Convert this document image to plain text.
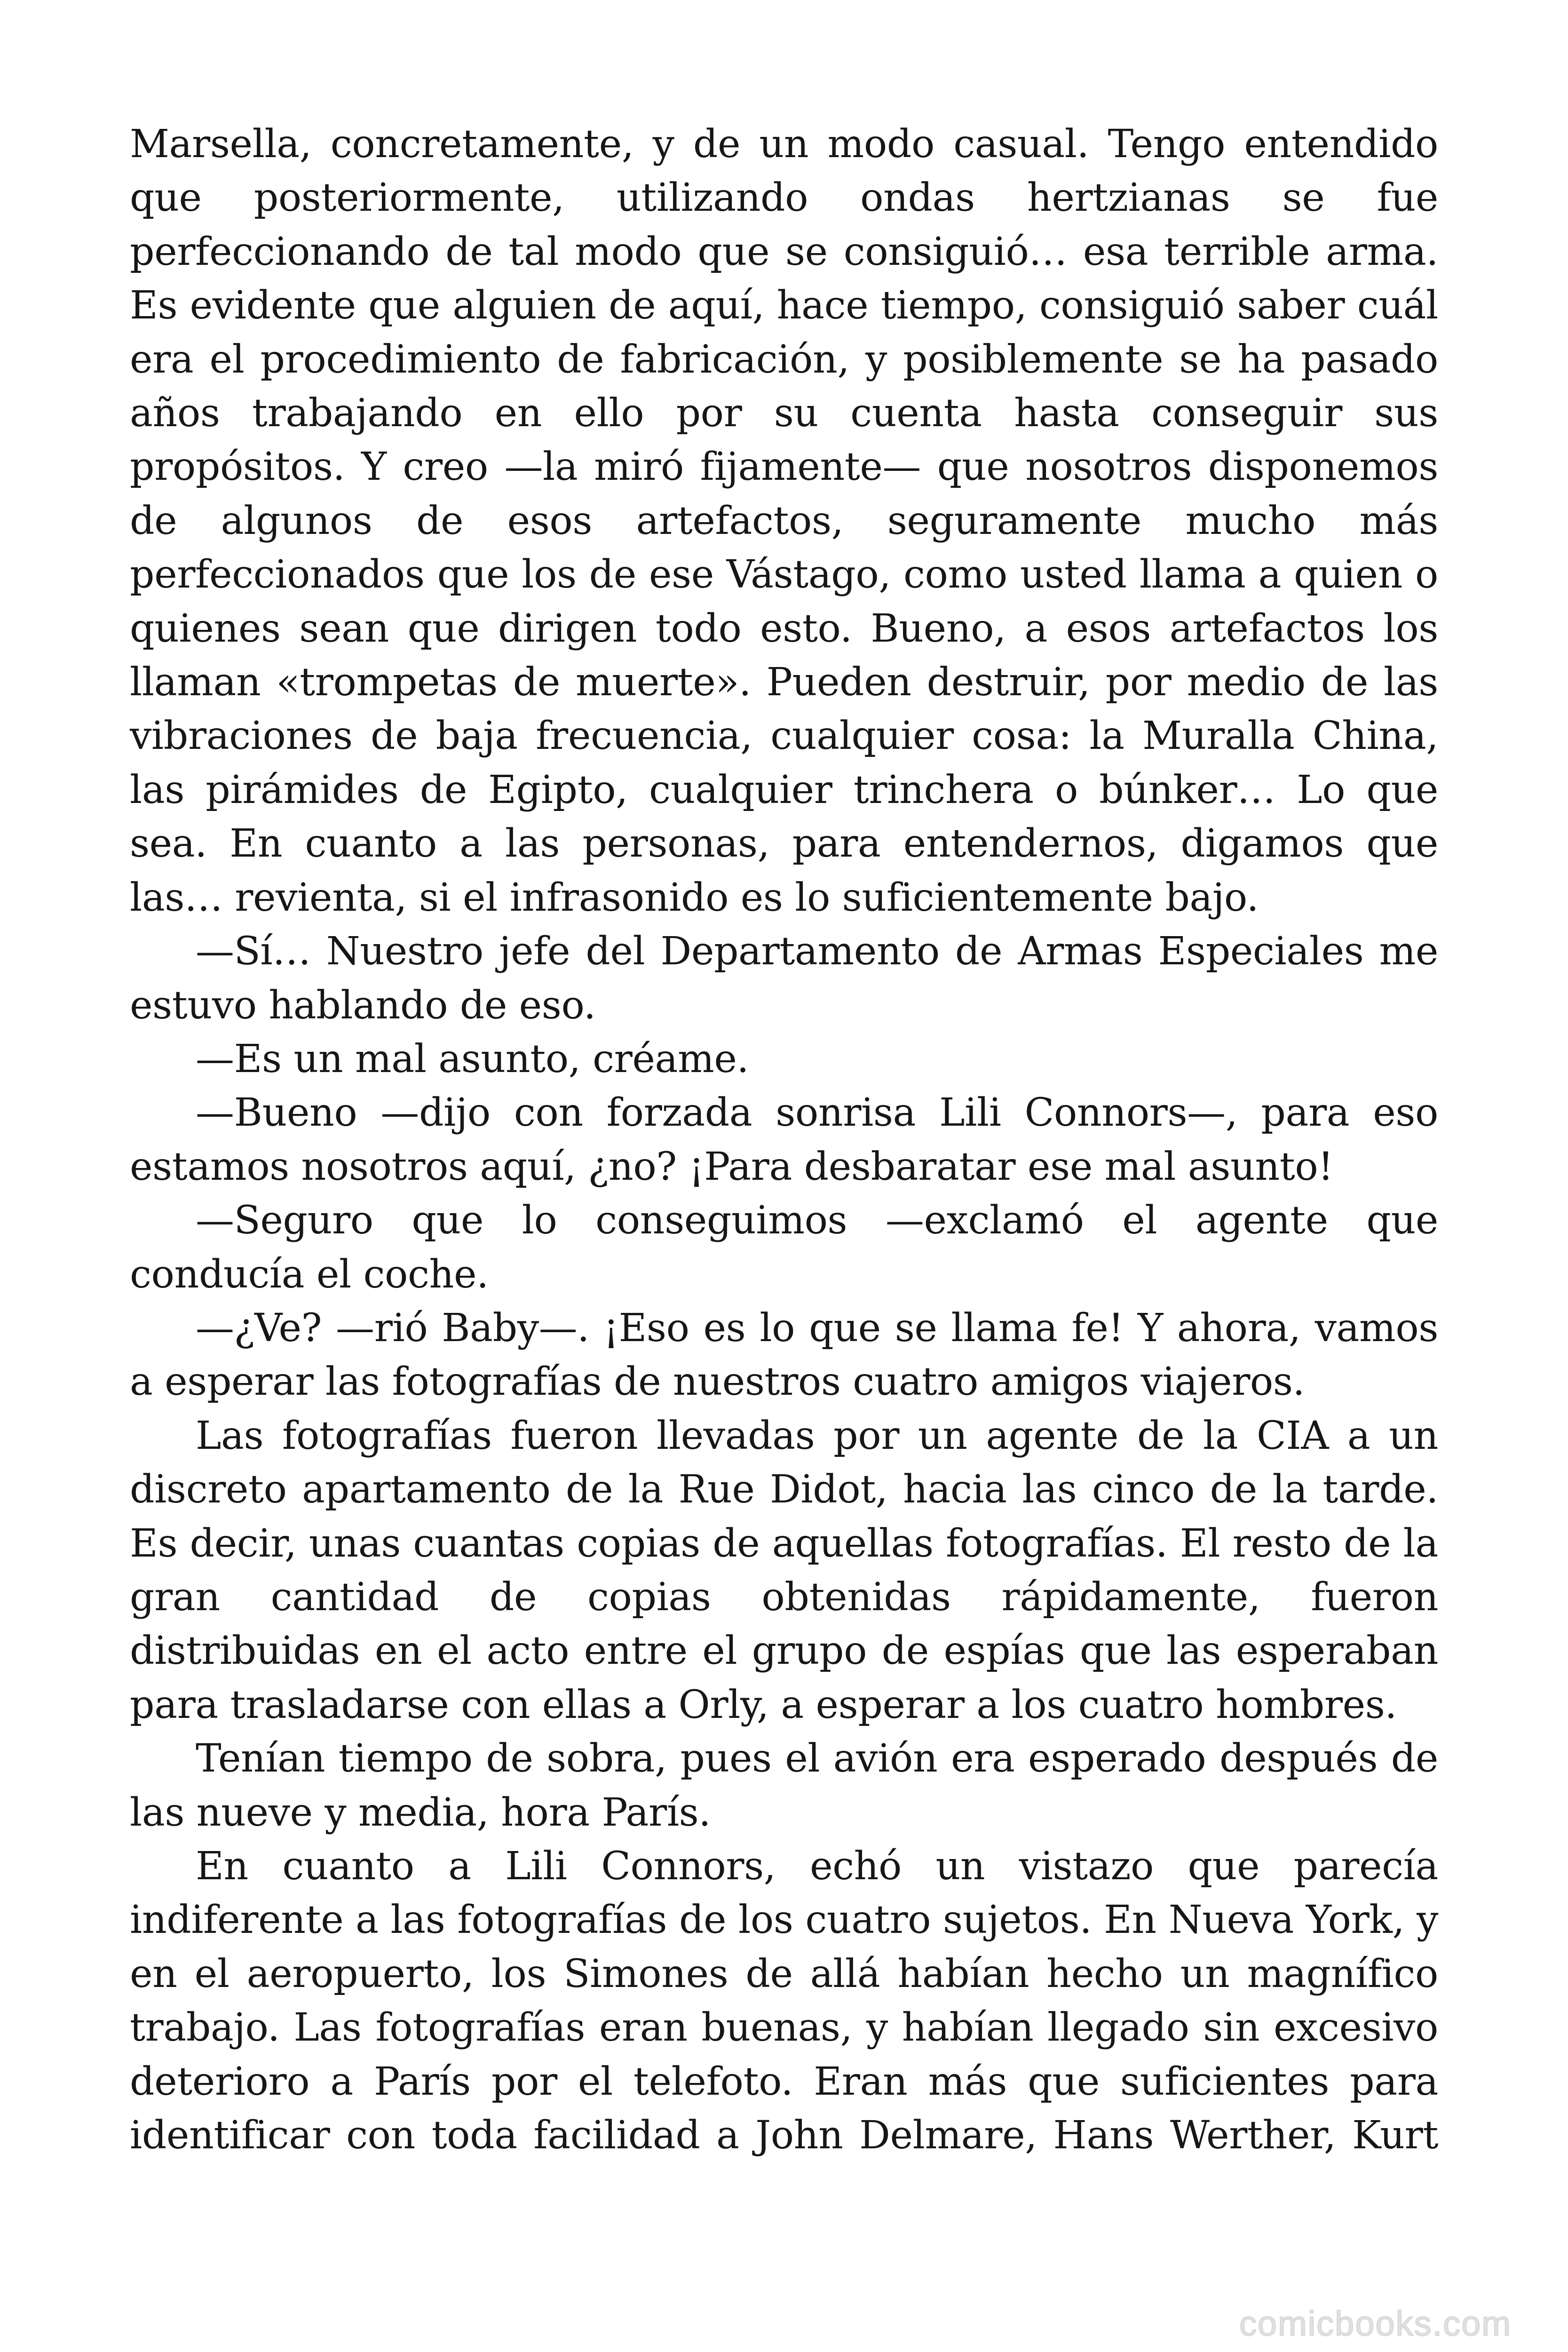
Marsella, concretamente, y de un modo casual. Tengo entendido que posteriormente, utilizando ondas hertzianas se fue perfeccionando de tal modo que se consiguió… esa terrible arma. Es evidente que alguien de aquí, hace tiempo, consiguió saber cuál era el procedimiento de fabricación, y posiblemente se ha pasado años trabajando en ello por su cuenta hasta conseguir sus propósitos. Y creo —la miró fijamente— que nosotros disponemos de algunos de esos artefactos, seguramente mucho más perfeccionados que los de ese Vástago, como usted llama a quien o quienes sean que dirigen todo esto. Bueno, a esos artefactos los llaman «trompetas de muerte». Pueden destruir, por medio de las vibraciones de baja frecuencia, cualquier cosa: la Muralla China, las pirámides de Egipto, cualquier trinchera o búnker… Lo que sea. En cuanto a las personas, para entendernos, digamos que las… revienta, si el infrasonido es lo suficientemente bajo.

—Sí… Nuestro jefe del Departamento de Armas Especiales me estuvo hablando de eso.

—Es un mal asunto, créame.

—Bueno —dijo con forzada sonrisa Lili Connors—, para eso estamos nosotros aquí, ¿no? ¡Para desbaratar ese mal asunto!

—Seguro que lo conseguimos —exclamó el agente que conducía el coche.

—¿Ve? —rió Baby—. ¡Eso es lo que se llama fe! Y ahora, vamos a esperar las fotografías de nuestros cuatro amigos viajeros.

Las fotografías fueron llevadas por un agente de la CIA a un discreto apartamento de la Rue Didot, hacia las cinco de la tarde. Es decir, unas cuantas copias de aquellas fotografías. El resto de la gran cantidad de copias obtenidas rápidamente, fueron distribuidas en el acto entre el grupo de espías que las esperaban para trasladarse con ellas a Orly, a esperar a los cuatro hombres.

Tenían tiempo de sobra, pues el avión era esperado después de las nueve y media, hora París.

En cuanto a Lili Connors, echó un vistazo que parecía indiferente a las fotografías de los cuatro sujetos. En Nueva York, y en el aeropuerto, los Simones de allá habían hecho un magnífico trabajo. Las fotografías eran buenas, y habían llegado sin excesivo deterioro a París por el telefoto. Eran más que suficientes para identificar con toda facilidad a John Delmare, Hans Werther, Kurt

comicbooks.com
